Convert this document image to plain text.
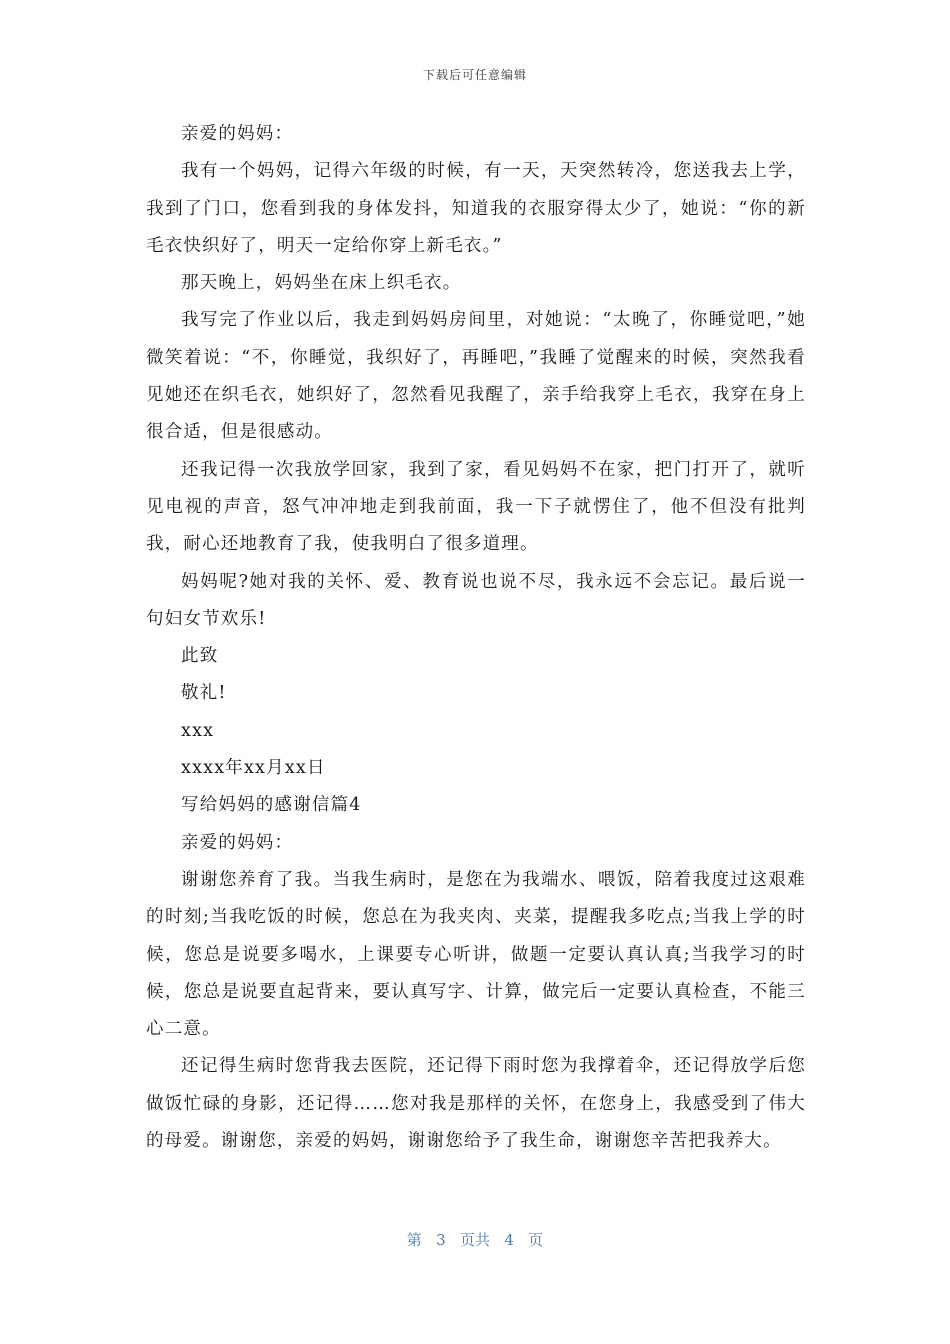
下载后可任意编辑

亲爱的妈妈：

我有一个妈妈，记得六年级的时候，有一天，天突然转冷，您送我去上学，我到了门口，您看到我的身体发抖，知道我的衣服穿得太少了，她说：“你的新毛衣快织好了，明天一定给你穿上新毛衣。”

那天晚上，妈妈坐在床上织毛衣。

我写完了作业以后，我走到妈妈房间里，对她说：“太晚了，你睡觉吧，”她微笑着说：“不，你睡觉，我织好了，再睡吧，”我睡了觉醒来的时候，突然我看见她还在织毛衣，她织好了，忽然看见我醒了，亲手给我穿上毛衣，我穿在身上很合适，但是很感动。

还我记得一次我放学回家，我到了家，看见妈妈不在家，把门打开了，就听见电视的声音，怒气冲冲地走到我前面，我一下子就愣住了，他不但没有批判我，耐心还地教育了我，使我明白了很多道理。

妈妈呢?她对我的关怀、爱、教育说也说不尽，我永远不会忘记。最后说一句妇女节欢乐!

此致

敬礼!

xxx

xxxx年xx月xx日

写给妈妈的感谢信篇4

亲爱的妈妈：

谢谢您养育了我。当我生病时，是您在为我端水、喂饭，陪着我度过这艰难的时刻;当我吃饭的时候，您总在为我夹肉、夹菜，提醒我多吃点;当我上学的时候，您总是说要多喝水，上课要专心听讲，做题一定要认真认真;当我学习的时候，您总是说要直起背来，要认真写字、计算，做完后一定要认真检查，不能三心二意。

还记得生病时您背我去医院，还记得下雨时您为我撑着伞，还记得放学后您做饭忙碌的身影，还记得……您对我是那样的关怀，在您身上，我感受到了伟大的母爱。谢谢您，亲爱的妈妈，谢谢您给予了我生命，谢谢您辛苦把我养大。

第 3 页共 4 页
